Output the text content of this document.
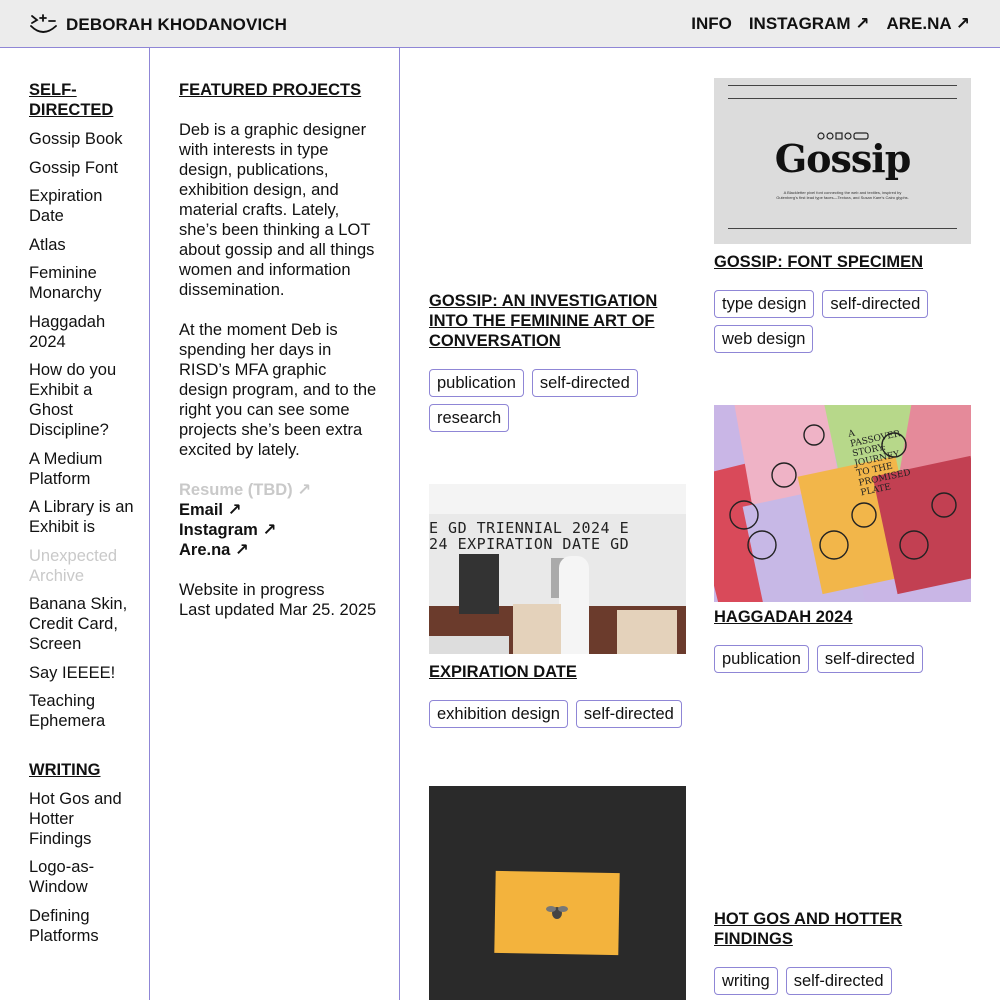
DEBORAH KHODANOVICH	INFO INSTAGRAM ↗ ARE.NA ↗
SELF-DIRECTED
Gossip Book
Gossip Font
Expiration Date
Atlas
Feminine Monarchy
Haggadah 2024
How do you Exhibit a Ghost Discipline?
A Medium Platform
A Library is an Exhibit is
Unexpected Archive
Banana Skin, Credit Card, Screen
Say IEEEE!
Teaching Ephemera
WRITING
Hot Gos and Hotter Findings
Logo-as-Window
Defining Platforms
FEATURED PROJECTS

Deb is a graphic designer with interests in type design, publications, exhibition design, and material crafts. Lately, she’s been thinking a LOT about gossip and all things women and information dissemination.

At the moment Deb is spending her days in RISD’s MFA graphic design program, and to the right you can see some projects she’s been extra excited by lately.

Resume (TBD) ↗
Email ↗
Instagram ↗
Are.na ↗
Website in progress
Last updated Mar 25. 2025
GOSSIP: AN INVESTIGATION INTO THE FEMININE ART OF CONVERSATION
publication	self-directed
research
Gossip
A Blackletter pixel font connecting the web and textiles, inspired by Gutenberg’s first lead type faces—Textura, and Susan Kare’s Cairo glyphs.
GOSSIP: FONT SPECIMEN
type design	self-directed
web design
E GD TRIENNIAL 2024 E
24 EXPIRATION DATE GD
EXPIRATION DATE
exhibition design	self-directed
A PASSOVER STORY: JOURNEY TO THE PROMISED PLATE
HAGGADAH 2024
publication	self-directed
HOT GOS AND HOTTER FINDINGS
writing	self-directed
